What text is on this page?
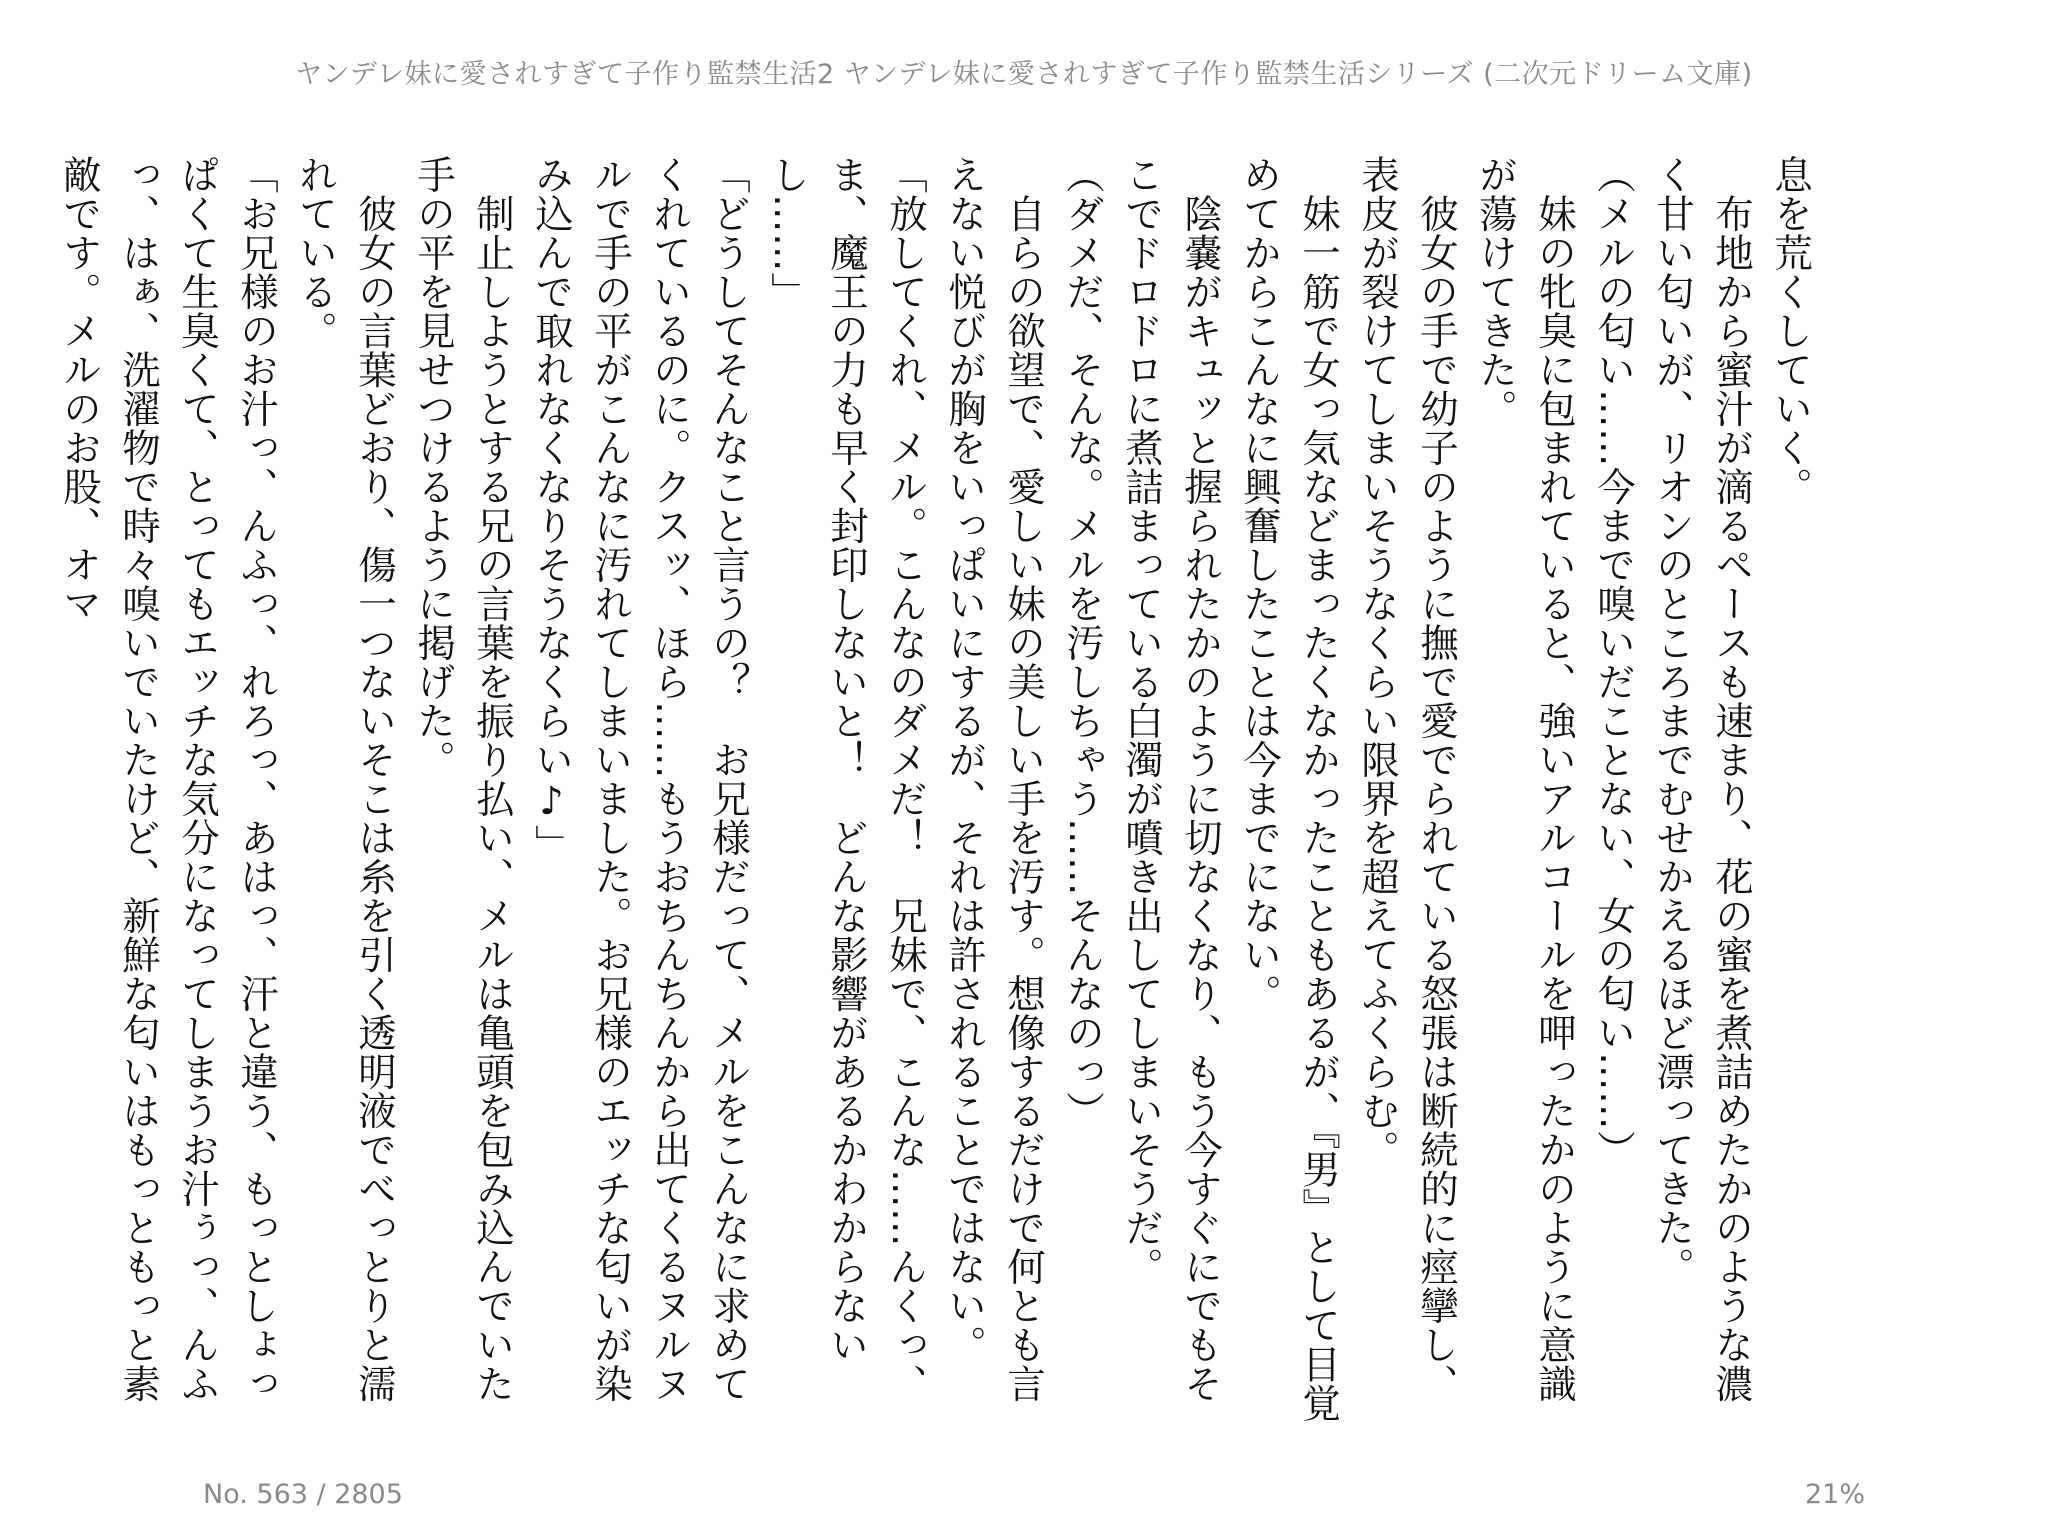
ヤンデレ妹に愛されすぎて子作り監禁生活2 ヤンデレ妹に愛されすぎて子作り監禁生活シリーズ (二次元ドリーム文庫)

息を荒くしていく。

　布地から蜜汁が滴るペースも速まり、花の蜜を煮詰めたかのような濃く甘い匂いが、リオンのところまでむせかえるほど漂ってきた。

（メルの匂い……今まで嗅いだことない、女の匂い……）

　妹の牝臭に包まれていると、強いアルコールを呷ったかのように意識が蕩けてきた。

　彼女の手で幼子のように撫で愛でられている怒張は断続的に痙攣し、表皮が裂けてしまいそうなくらい限界を超えてふくらむ。

　妹一筋で女っ気などまったくなかったこともあるが、『男』として目覚めてからこんなに興奮したことは今までにない。

　陰嚢がキュッと握られたかのように切なくなり、もう今すぐにでもそこでドロドロに煮詰まっている白濁が噴き出してしまいそうだ。

（ダメだ、そんな。メルを汚しちゃう……そんなのっ）

　自らの欲望で、愛しい妹の美しい手を汚す。想像するだけで何とも言えない悦びが胸をいっぱいにするが、それは許されることではない。

「放してくれ、メル。こんなのダメだ！　兄妹で、こんな……んくっ、ま、魔王の力も早く封印しないと！　どんな影響があるかわからないし……」

「どうしてそんなこと言うの？　お兄様だって、メルをこんなに求めてくれているのに。クスッ、ほら……もうおちんちんから出てくるヌルヌルで手の平がこんなに汚れてしまいました。お兄様のエッチな匂いが染み込んで取れなくなりそうなくらい♪」

　制止しようとする兄の言葉を振り払い、メルは亀頭を包み込んでいた手の平を見せつけるように掲げた。

　彼女の言葉どおり、傷一つないそこは糸を引く透明液でべっとりと濡れている。

「お兄様のお汁っ、んふっ、れろっ、あはっ、汗と違う、もっとしょっぱくて生臭くて、とってもエッチな気分になってしまうお汁ぅっ、んふっ、はぁ、洗濯物で時々嗅いでいたけど、新鮮な匂いはもっともっと素敵です。メルのお股、オマ

No. 563 / 2805	21%
